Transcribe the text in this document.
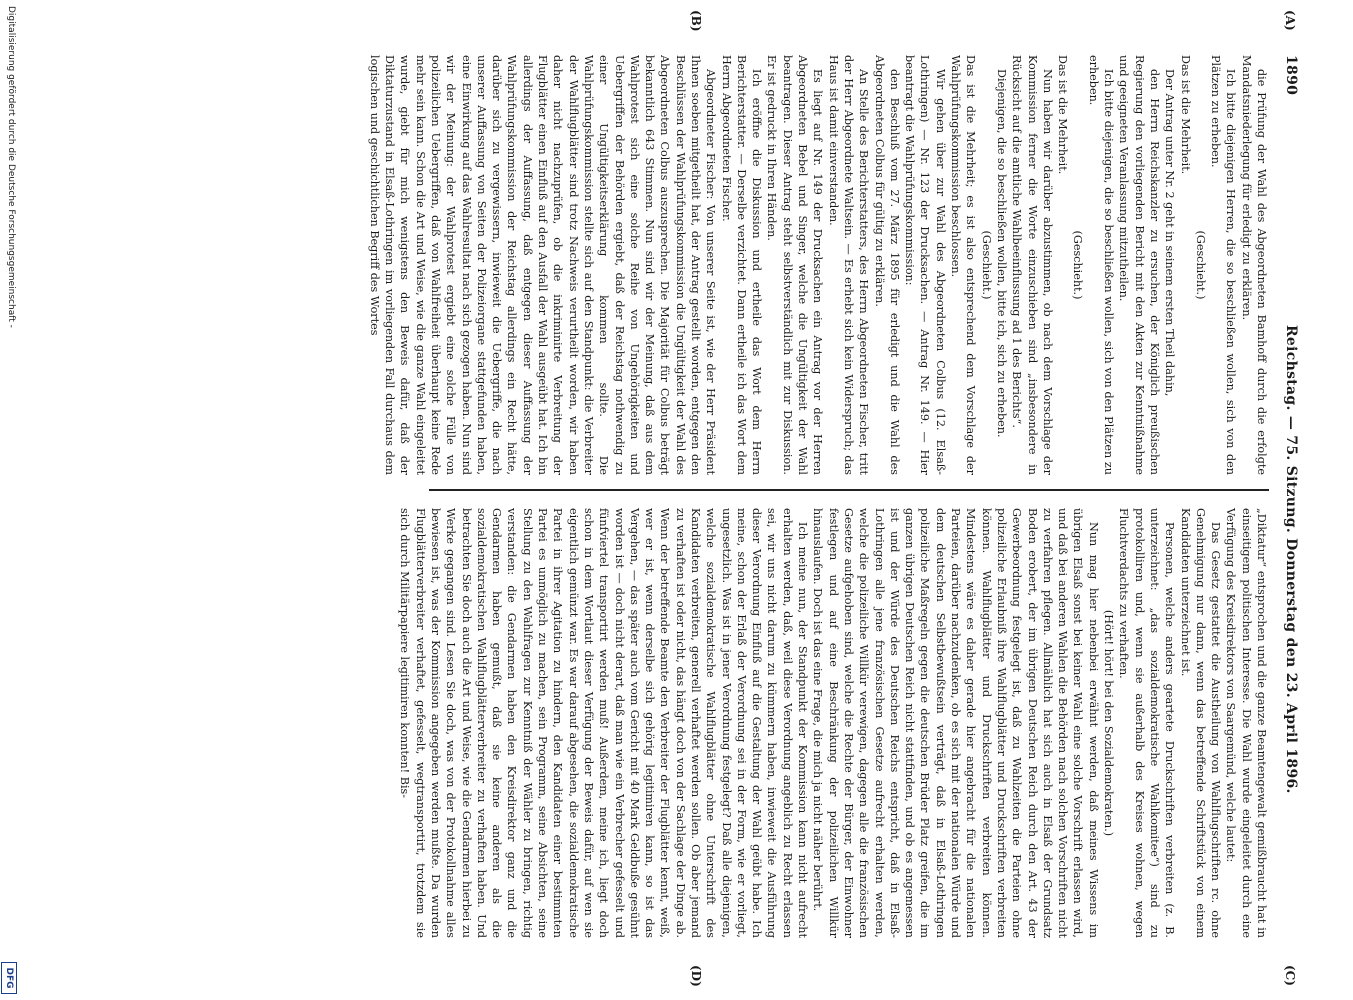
1890
Reichstag. — 75. Sitzung. Donnerstag den 23. April 1896.
(A)
(B)
(C)
(D)

die Prüfung der Wahl des Abgeordneten Bamhoff durch die erfolgte Mandatsniederlegung für erledigt zu erklären.

Ich bitte diejenigen Herren, die so beschließen wollen, sich von den Plätzen zu erheben.

(Geschieht.)

Das ist die Mehrheit.

Der Antrag unter Nr. 2 geht in seinem ersten Theil dahin,

den Herrn Reichskanzler zu ersuchen, der Königlich preußischen Regierung den vorliegenden Bericht mit den Akten zur Kenntnißnahme und geeigneten Veranlassung mitzutheilen.

Ich bitte diejenigen, die so beschließen wollen, sich von den Plätzen zu erheben.

(Geschieht.)

Das ist die Mehrheit.

Nun haben wir darüber abzustimmen, ob nach dem Vorschlage der Kommission ferner die Worte einzuschieben sind „insbesondere in Rücksicht auf die amtliche Wahlbeeinflussung ad 1 des Berichts“.

Diejenigen, die so beschließen wollen, bitte ich, sich zu erheben.

(Geschieht.)

Das ist die Mehrheit; es ist also entsprechend dem Vorschlage der Wahlprüfungskommission beschlossen.

Wir gehen über zur Wahl des Abgeordneten Colbus (12. Elsaß-Lothringen) — Nr. 123 der Drucksachen. — Antrag Nr. 149. — Hier beantragt die Wahlprüfungskommission:

den Beschluß vom 27. März 1895 für erledigt und die Wahl des Abgeordneten Colbus für gültig zu erklären.

An Stelle des Berichterstatters, des Herrn Abgeordneten Fischer, tritt der Herr Abgeordnete Waltsein. — Es erhebt sich kein Widerspruch; das Haus ist damit einverstanden.

Es liegt auf Nr. 149 der Drucksachen ein Antrag vor der Herren Abgeordneten Bebel und Singer, welche die Ungültigkeit der Wahl beantragen. Dieser Antrag steht selbstverständlich mit zur Diskussion. Er ist gedruckt in Ihren Händen.

Ich eröffne die Diskussion und ertheile das Wort dem Herrn Berichterstatter. — Derselbe verzichtet. Dann ertheile ich das Wort dem Herrn Abgeordneten Fischer.

Abgeordneter Fischer: Von unserer Seite ist, wie der Herr Präsident Ihnen soeben mitgetheilt hat, der Antrag gestellt worden, entgegen den Beschlüssen der Wahlprüfungskommission die Ungültigkeit der Wahl des Abgeordneten Colbus auszusprechen. Die Majorität für Colbus beträgt bekanntlich 643 Stimmen. Nun sind wir der Meinung, daß aus dem Wahlprotest sich eine solche Reihe von Ungehörigkeiten und Uebergriffen der Behörden ergiebt, daß der Reichstag nothwendig zu einer Ungültigkeitserklärung kommen sollte. Die Wahlprüfungskommission stellte sich auf den Standpunkt: die Verbreiter der Wahlflugblätter sind trotz Nachweis verurtheilt worden, wir haben daher nicht nachzuprüfen, ob die inkriminirte Verbreitung der Flugblätter einen Einfluß auf den Ausfall der Wahl ausgeübt hat. Ich bin allerdings der Auffassung, daß entgegen dieser Auffassung der Wahlprüfungskommission der Reichstag allerdings ein Recht hätte, darüber sich zu vergewissern, inwieweit die Uebergriffe, die nach unserer Auffassung von Seiten der Polizeiorgane stattgefunden haben, eine Einwirkung auf das Wahlresultat nach sich gezogen haben. Nun sind wir der Meinung: der Wahlprotest ergiebt eine solche Fülle von polizeilichen Uebergriffen, daß von Wahlfreiheit überhaupt keine Rede mehr sein kann. Schon die Art und Weise, wie die ganze Wahl eingeleitet wurde, giebt für mich wenigstens den Beweis dafür, daß der Diktaturzustand in Elsaß-Lothringen im vorliegenden Fall durchaus dem logischen und geschichtlichen Begriff des Wortes

„Diktatur“ entsprochen und die ganze Beamtengewalt gemißbraucht hat in einseitigem politischen Interesse. Die Wahl wurde eingeleitet durch eine Verfügung des Kreisdirektors von Saargemünd, welche lautet:

Das Gesetz gestattet die Austheilung von Wahlflugschriften rc. ohne Genehmigung nur dann, wenn das betreffende Schriftstück von einem Kandidaten unterzeichnet ist.

Personen, welche anders geartete Druckschriften verbreiten (z. B. unterzeichnet: „das sozialdemokratische Wahlkomitee“) sind zu protokolliren und, wenn sie außerhalb des Kreises wohnen, wegen Fluchtverdachts zu verhaften.

(Hört! hört! bei den Sozialdemokraten.)

Nun mag hier nebenbei erwähnt werden, daß meines Wissens im übrigen Elsaß sonst bei keiner Wahl eine solche Vorschrift erlassen wird, und daß bei anderen Wahlen die Behörden nach solchen Vorschriften nicht zu verfahren pflegen. Allmählich hat sich auch in Elsaß der Grundsatz Boden erobert, der im übrigen Deutschen Reich durch den Art. 43 der Gewerbeordnung festgelegt ist, daß zu Wahlzeiten die Parteien ohne polizeiliche Erlaubniß ihre Wahlflugblätter und Druckschriften verbreiten können. Wahlflugblätter und Druckschriften verbreiten können. Mindestens wäre es daher gerade hier angebracht für die nationalen Parteien, darüber nachzudenken, ob es sich mit der nationalen Würde und dem deutschen Selbstbewußtsein verträgt, daß in Elsaß-Lothringen polizeiliche Maßregeln gegen die deutschen Brüder Platz greifen, die im ganzen übrigen Deutschen Reich nicht stattfinden, und ob es angemessen ist und der Würde des Deutschen Reichs entspricht, daß in Elsaß-Lothringen alle jene französischen Gesetze aufrecht erhalten werden, welche die polizeiliche Willkür verewigen, dagegen alle die französischen Gesetze aufgehoben sind, welche die Rechte der Bürger, der Einwohner festlegen und auf eine Beschränkung der polizeilichen Willkür hinauslaufen. Doch ist das eine Frage, die mich ja nicht näher berührt.

Ich meine nun, der Standpunkt der Kommission kann nicht aufrecht erhalten werden, daß, weil diese Verordnung angeblich zu Recht erlassen sei, wir uns nicht darum zu kümmern haben, inwieweit die Ausführung dieser Verordnung Einfluß auf die Gestaltung der Wahl geübt habe. Ich meine, schon der Erlaß der Verordnung sei in der Form, wie er vorliegt, ungesetzlich. Was ist in jener Verordnung festgelegt? Daß alle diejenigen, welche sozialdemokratische Wahlflugblätter ohne Unterschrift des Kandidaten verbreiten, generell verhaftet werden sollen. Ob aber jemand zu verhaften ist oder nicht, das hängt doch von der Sachlage der Dinge ab. Wenn der betreffende Beamte den Verbreiter der Flugblätter kennt, weiß, wer er ist, wenn derselbe sich gehörig legitimiren kann, so ist das Vergehen, — das später auch vom Gericht mit 40 Mark Geldbuße gesühnt worden ist — doch nicht derart, daß man wie ein Verbrecher gefesselt und fünfviertel transportirt werden muß! Außerdem, meine ich, liegt doch schon in dem Wortlaut dieser Verfügung der Beweis dafür, auf wen sie eigentlich gemünzt war. Es war darauf abgesehen, die sozialdemokratische Partei in ihrer Agitation zu hindern, den Kandidaten einer bestimmten Partei es unmöglich zu machen, sein Programm, seine Absichten, seine Stellung zu den Wahlfragen zur Kenntniß der Wähler zu bringen, richtig verstanden: die Gendarmen haben den Kreisdirektor ganz und die Gendarmen haben gemußt, daß sie keine anderen als die sozialdemokratischen Wahlflugblätterverbreiter zu verhaften haben. Und betrachten Sie doch auch die Art und Weise, wie die Gendarmen hierbei zu Werke gegangen sind. Lesen Sie doch, was von der Protokollnahme alles bewiesen ist, was der Kommission angegeben werden mußte. Da wurden Flugblätterverbreiter verhaftet, gefesselt, wegtransportirt, trotzdem sie sich durch Militärpapiere legitimiren konnten! Bis-

Digitalisierung gefördert durch die Deutsche Forschungsgemeinschaft -
DFG
